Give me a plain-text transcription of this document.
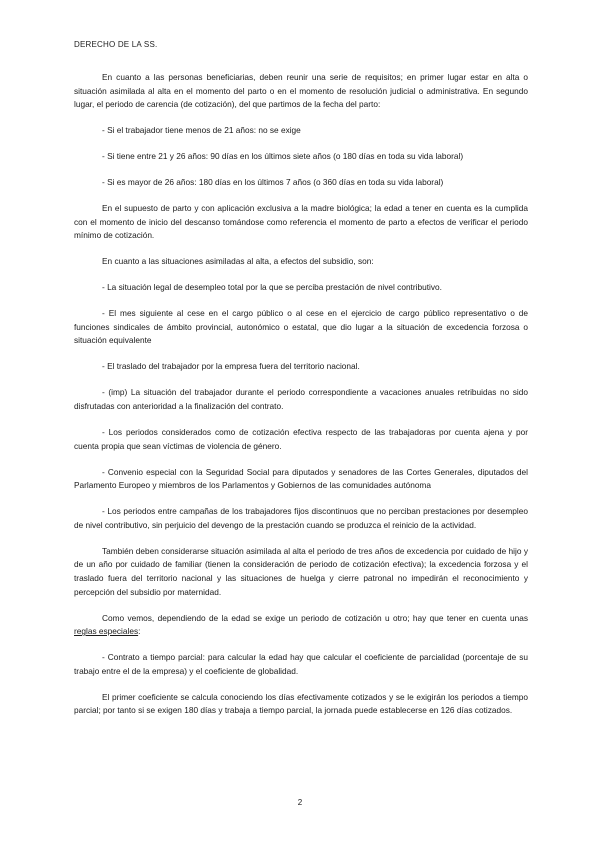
DERECHO DE LA SS.

En cuanto a las personas beneficiarias, deben reunir una serie de requisitos; en primer lugar estar en alta o situación asimilada al alta en el momento del parto o en el momento de resolución judicial o administrativa. En segundo lugar, el periodo de carencia (de cotización), del que partimos de la fecha del parto:

- Si el trabajador tiene menos de 21 años: no se exige

- Si tiene entre 21 y 26 años: 90 días en los últimos siete años (o 180 días en toda su vida laboral)

- Si es mayor de 26 años: 180 días en los últimos 7 años (o 360 días en toda su vida laboral)

En el supuesto de parto y con aplicación exclusiva a la madre biológica; la edad a tener en cuenta es la cumplida con el momento de inicio del descanso tomándose como referencia el momento de parto a efectos de verificar el periodo mínimo de cotización.

En cuanto a las situaciones asimiladas al alta, a efectos del subsidio, son:

- La situación legal de desempleo total por la que se perciba prestación de nivel contributivo.

- El mes siguiente al cese en el cargo público o al cese en el ejercicio de cargo público representativo o de funciones sindicales de ámbito provincial, autonómico o estatal, que dio lugar a la situación de excedencia forzosa o situación equivalente

- El traslado del trabajador por la empresa fuera del territorio nacional.

- (imp) La situación del trabajador durante el periodo correspondiente a vacaciones anuales retribuidas no sido disfrutadas con anterioridad a la finalización del contrato.

- Los periodos considerados como de cotización efectiva respecto de las trabajadoras por cuenta ajena y por cuenta propia que sean víctimas de violencia de género.

- Convenio especial con la Seguridad Social para diputados y senadores de las Cortes Generales, diputados del Parlamento Europeo y miembros de los Parlamentos y Gobiernos de las comunidades autónoma

- Los periodos entre campañas de los trabajadores fijos discontinuos que no perciban prestaciones por desempleo de nivel contributivo, sin perjuicio del devengo de la prestación cuando se produzca el reinicio de la actividad.

También deben considerarse situación asimilada al alta el periodo de tres años de excedencia por cuidado de hijo y de un año por cuidado de familiar (tienen la consideración de periodo de cotización efectiva); la excedencia forzosa y el traslado fuera del territorio nacional y las situaciones de huelga y cierre patronal no impedirán el reconocimiento y percepción del subsidio por maternidad.

Como vemos, dependiendo de la edad se exige un periodo de cotización u otro; hay que tener en cuenta unas reglas especiales:

- Contrato a tiempo parcial: para calcular la edad hay que calcular el coeficiente de parcialidad (porcentaje de su trabajo entre el de la empresa) y el coeficiente de globalidad.

El primer coeficiente se calcula conociendo los días efectivamente cotizados y se le exigirán los periodos a tiempo parcial; por tanto si se exigen 180 días y trabaja a tiempo parcial, la jornada puede establecerse en 126 días cotizados.

2
